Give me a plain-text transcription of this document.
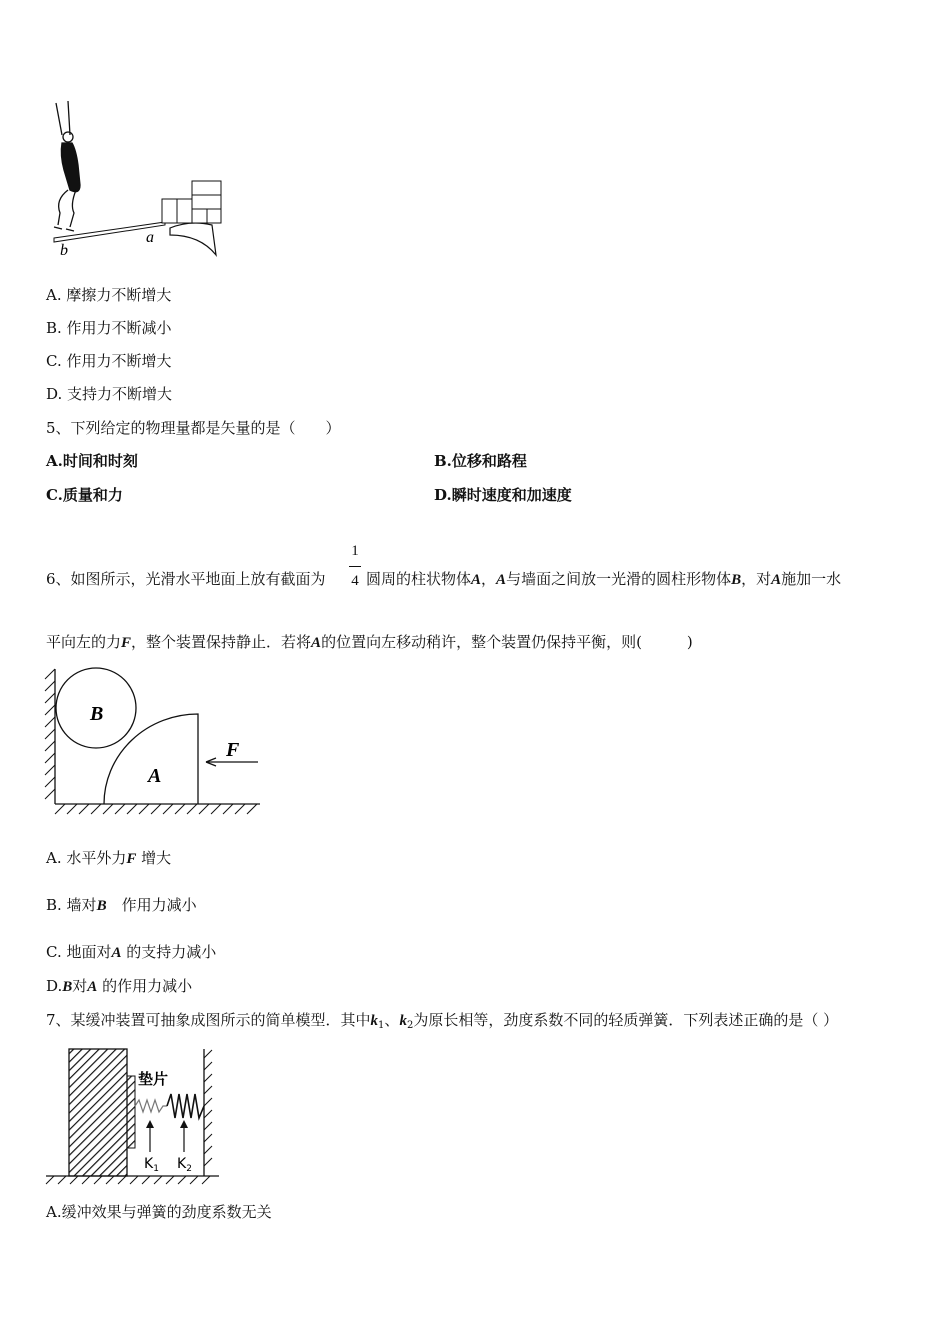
b
a
A. 摩擦力不断增大
B. 作用力不断减小
C. 作用力不断增大
D. 支持力不断增大
5、下列给定的物理量都是矢量的是（　　）
A.时间和时刻	B.位移和路程
C.质量和力	D.瞬时速度和加速度
1
4
6、如图所示，光滑水平地面上放有截面为	圆周的柱状物体A，A与墙面之间放一光滑的圆柱形物体B，对A施加一水
平向左的力F，整个装置保持静止．若将A的位置向左移动稍许，整个装置仍保持平衡，则(　　　)
B
A
F
A. 水平外力F 增大
B. 墙对B　 作用力减小
C. 地面对A 的支持力减小
D.B对A 的作用力减小
7、某缓冲装置可抽象成图所示的简单模型．其中$k_1$、$k_2$为原长相等，劲度系数不同的轻质弹簧．下列表述正确的是（ ）
垫片
$K_1$ $K_2$
A.缓冲效果与弹簧的劲度系数无关
